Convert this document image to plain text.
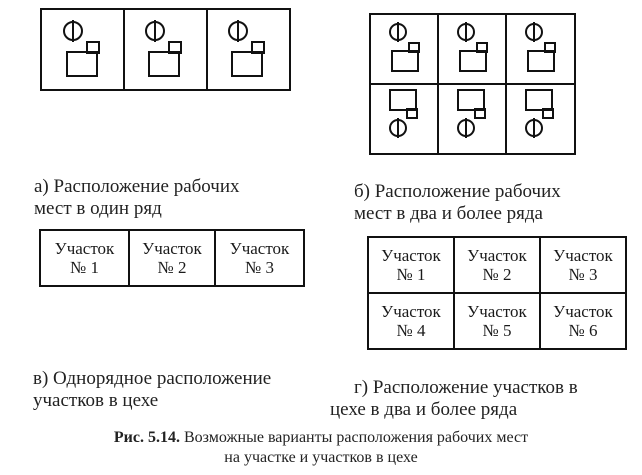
а) Расположение рабочих
мест в один ряд
б) Расположение рабочих
мест в два и более ряда
Участок
№ 1

Участок
№ 2

Участок
№ 3
Участок
№ 1	Участок
№ 2	Участок
№ 3

Участок
№ 4	Участок
№ 5	Участок
№ 6
в) Однорядное расположение
участков в цехе
г) Расположение участков в
цехе в два и более ряда
Рис. 5.14. Возможные варианты расположения рабочих мест
на участке и участков в цехе
